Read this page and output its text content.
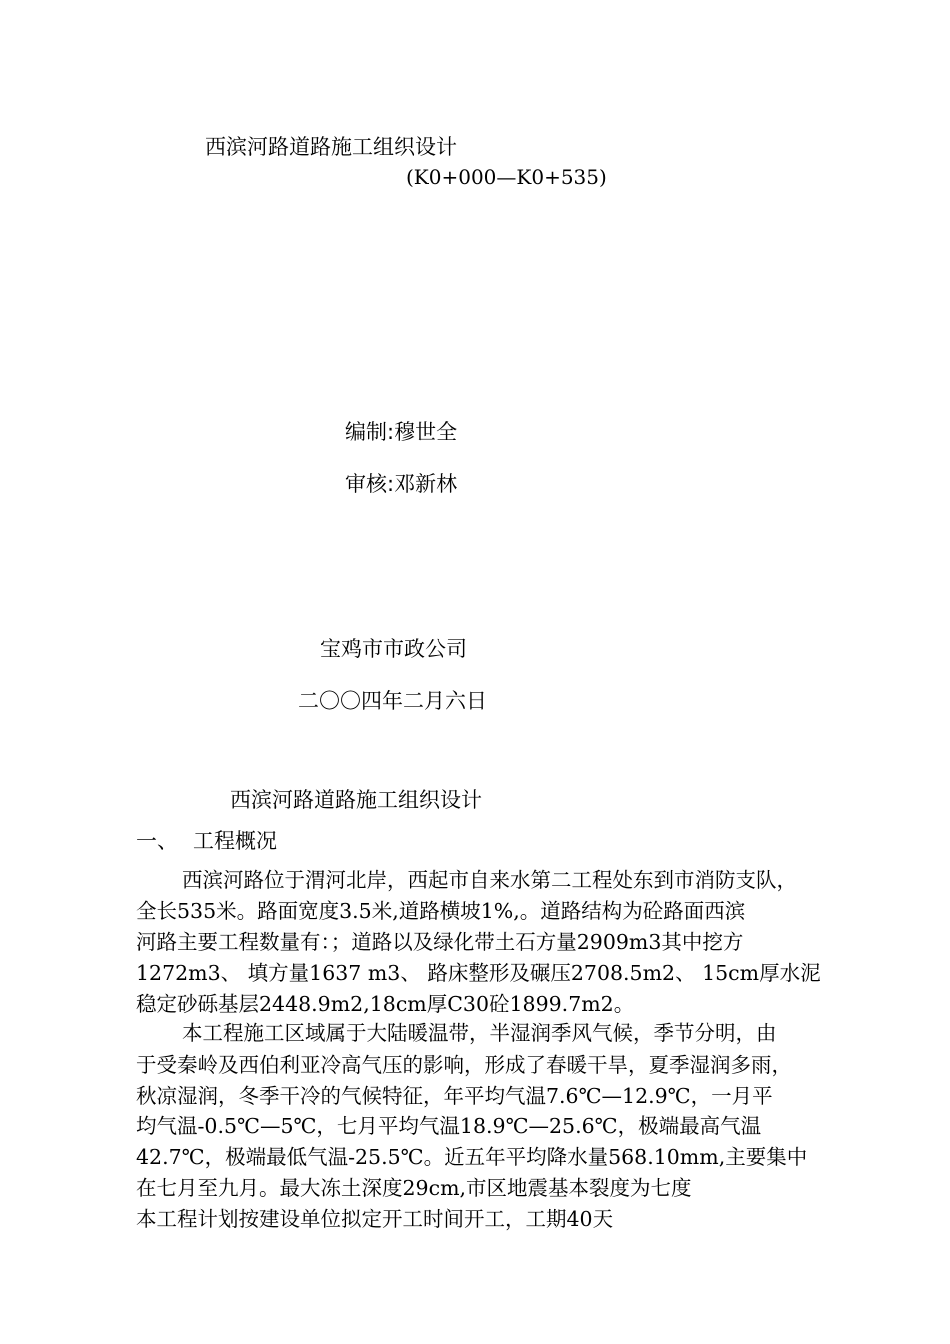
西滨河路道路施工组织设计
(K0+000—K0+535)
编制:穆世全
审核:邓新林
宝鸡市市政公司
二〇〇四年二月六日
西滨河路道路施工组织设计
一、 工程概况
西滨河路位于渭河北岸，西起市自来水第二工程处东到市消防支队，
全长535米。路面宽度3.5米,道路横坡1%,。道路结构为砼路面西滨
河路主要工程数量有：；道路以及绿化带土石方量2909m3其中挖方
1272m3、 填方量1637 m3、 路床整形及碾压2708.5m2、 15cm厚水泥
稳定砂砾基层2448.9m2,18cm厚C30砼1899.7m2。
本工程施工区域属于大陆暖温带，半湿润季风气候，季节分明，由
于受秦岭及西伯利亚冷高气压的影响，形成了春暖干旱，夏季湿润多雨，
秋凉湿润，冬季干冷的气候特征，年平均气温7.6℃—12.9℃，一月平
均气温-0.5℃—5℃，七月平均气温18.9℃—25.6℃，极端最高气温
42.7℃，极端最低气温-25.5℃。近五年平均降水量568.10mm,主要集中
在七月至九月。最大冻土深度29cm,市区地震基本裂度为七度
本工程计划按建设单位拟定开工时间开工，工期40天
